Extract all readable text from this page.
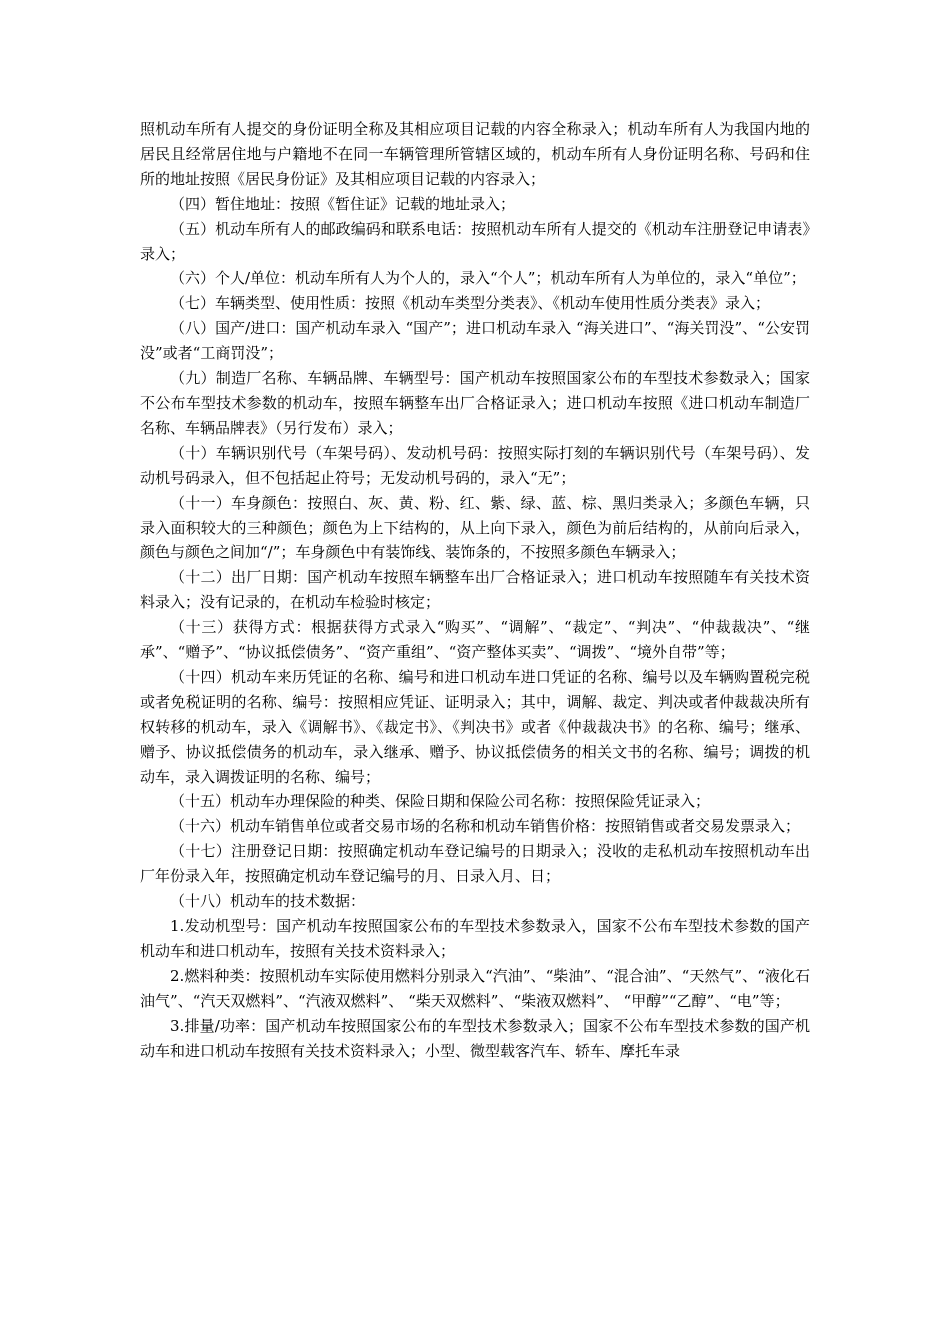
照机动车所有人提交的身份证明全称及其相应项目记载的内容全称录入；机动车所有人为我国内地的居民且经常居住地与户籍地不在同一车辆管理所管辖区域的，机动车所有人身份证明名称、号码和住所的地址按照《居民身份证》及其相应项目记载的内容录入；

（四）暂住地址：按照《暂住证》记载的地址录入；

（五）机动车所有人的邮政编码和联系电话：按照机动车所有人提交的《机动车注册登记申请表》录入；

（六）个人/单位：机动车所有人为个人的，录入“个人”；机动车所有人为单位的，录入“单位”；

（七）车辆类型、使用性质：按照《机动车类型分类表》、《机动车使用性质分类表》录入；

（八）国产/进口：国产机动车录入 “国产”；进口机动车录入 “海关进口”、“海关罚没”、“公安罚没”或者“工商罚没”；

（九）制造厂名称、车辆品牌、车辆型号：国产机动车按照国家公布的车型技术参数录入；国家不公布车型技术参数的机动车，按照车辆整车出厂合格证录入；进口机动车按照《进口机动车制造厂名称、车辆品牌表》（另行发布）录入；

（十）车辆识别代号（车架号码）、发动机号码：按照实际打刻的车辆识别代号（车架号码）、发动机号码录入，但不包括起止符号；无发动机号码的，录入“无”；

（十一）车身颜色：按照白、灰、黄、粉、红、紫、绿、蓝、棕、黑归类录入；多颜色车辆，只录入面积较大的三种颜色；颜色为上下结构的，从上向下录入，颜色为前后结构的，从前向后录入，颜色与颜色之间加“/”；车身颜色中有装饰线、装饰条的，不按照多颜色车辆录入；

（十二）出厂日期：国产机动车按照车辆整车出厂合格证录入；进口机动车按照随车有关技术资料录入；没有记录的，在机动车检验时核定；

（十三）获得方式：根据获得方式录入“购买”、“调解”、“裁定”、“判决”、“仲裁裁决”、“继承”、“赠予”、“协议抵偿债务”、“资产重组”、“资产整体买卖”、“调拨”、“境外自带”等；

（十四）机动车来历凭证的名称、编号和进口机动车进口凭证的名称、编号以及车辆购置税完税或者免税证明的名称、编号：按照相应凭证、证明录入；其中，调解、裁定、判决或者仲裁裁决所有权转移的机动车，录入《调解书》、《裁定书》、《判决书》或者《仲裁裁决书》的名称、编号；继承、赠予、协议抵偿债务的机动车，录入继承、赠予、协议抵偿债务的相关文书的名称、编号；调拨的机动车，录入调拨证明的名称、编号；

（十五）机动车办理保险的种类、保险日期和保险公司名称：按照保险凭证录入；

（十六）机动车销售单位或者交易市场的名称和机动车销售价格：按照销售或者交易发票录入；

（十七）注册登记日期：按照确定机动车登记编号的日期录入；没收的走私机动车按照机动车出厂年份录入年，按照确定机动车登记编号的月、日录入月、日；

（十八）机动车的技术数据：

1.发动机型号：国产机动车按照国家公布的车型技术参数录入，国家不公布车型技术参数的国产机动车和进口机动车，按照有关技术资料录入；

2.燃料种类：按照机动车实际使用燃料分别录入“汽油”、“柴油”、“混合油”、“天然气”、“液化石油气”、“汽天双燃料”、“汽液双燃料”、 “柴天双燃料”、“柴液双燃料”、 “甲醇”“乙醇”、“电”等；

3.排量/功率：国产机动车按照国家公布的车型技术参数录入；国家不公布车型技术参数的国产机动车和进口机动车按照有关技术资料录入；小型、微型载客汽车、轿车、摩托车录
